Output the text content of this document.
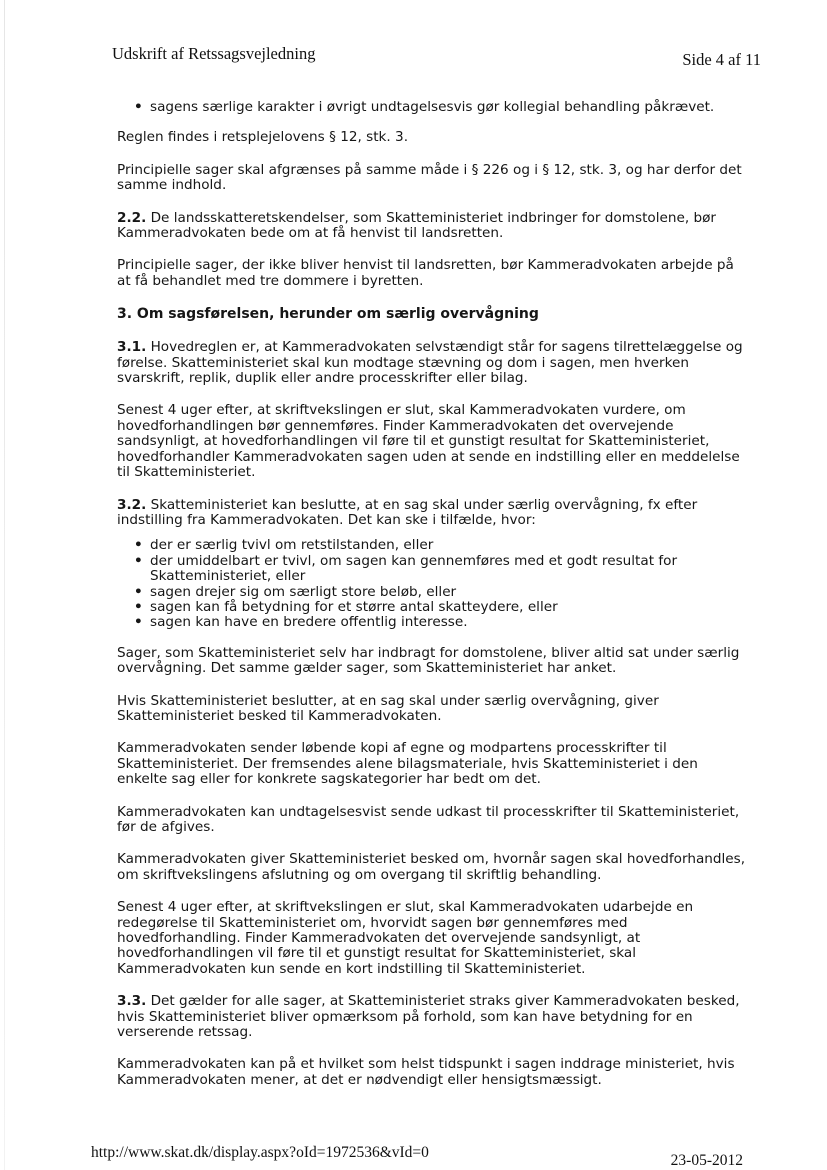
Udskrift af Retssagsvejledning	Side 4 af 11
• sagens særlige karakter i øvrigt undtagelsesvis gør kollegial behandling påkrævet.

Reglen findes i retsplejelovens § 12, stk. 3.

Principielle sager skal afgrænses på samme måde i § 226 og i § 12, stk. 3, og har derfor det samme indhold.

2.2. De landsskatteretskendelser, som Skatteministeriet indbringer for domstolene, bør Kammeradvokaten bede om at få henvist til landsretten.

Principielle sager, der ikke bliver henvist til landsretten, bør Kammeradvokaten arbejde på at få behandlet med tre dommere i byretten.

3. Om sagsførelsen, herunder om særlig overvågning

3.1. Hovedreglen er, at Kammeradvokaten selvstændigt står for sagens tilrettelæggelse og førelse. Skatteministeriet skal kun modtage stævning og dom i sagen, men hverken svarskrift, replik, duplik eller andre processkrifter eller bilag.

Senest 4 uger efter, at skriftvekslingen er slut, skal Kammeradvokaten vurdere, om hovedforhandlingen bør gennemføres. Finder Kammeradvokaten det overvejende sandsynligt, at hovedforhandlingen vil føre til et gunstigt resultat for Skatteministeriet, hovedforhandler Kammeradvokaten sagen uden at sende en indstilling eller en meddelelse til Skatteministeriet.

3.2. Skatteministeriet kan beslutte, at en sag skal under særlig overvågning, fx efter indstilling fra Kammeradvokaten. Det kan ske i tilfælde, hvor:

• der er særlig tvivl om retstilstanden, eller
• der umiddelbart er tvivl, om sagen kan gennemføres med et godt resultat for Skatteministeriet, eller
• sagen drejer sig om særligt store beløb, eller
• sagen kan få betydning for et større antal skatteydere, eller
• sagen kan have en bredere offentlig interesse.

Sager, som Skatteministeriet selv har indbragt for domstolene, bliver altid sat under særlig overvågning. Det samme gælder sager, som Skatteministeriet har anket.

Hvis Skatteministeriet beslutter, at en sag skal under særlig overvågning, giver Skatteministeriet besked til Kammeradvokaten.

Kammeradvokaten sender løbende kopi af egne og modpartens processkrifter til Skatteministeriet. Der fremsendes alene bilagsmateriale, hvis Skatteministeriet i den enkelte sag eller for konkrete sagskategorier har bedt om det.

Kammeradvokaten kan undtagelsesvist sende udkast til processkrifter til Skatteministeriet, før de afgives.

Kammeradvokaten giver Skatteministeriet besked om, hvornår sagen skal hovedforhandles, om skriftvekslingens afslutning og om overgang til skriftlig behandling.

Senest 4 uger efter, at skriftvekslingen er slut, skal Kammeradvokaten udarbejde en redegørelse til Skatteministeriet om, hvorvidt sagen bør gennemføres med hovedforhandling. Finder Kammeradvokaten det overvejende sandsynligt, at hovedforhandlingen vil føre til et gunstigt resultat for Skatteministeriet, skal Kammeradvokaten kun sende en kort indstilling til Skatteministeriet.

3.3. Det gælder for alle sager, at Skatteministeriet straks giver Kammeradvokaten besked, hvis Skatteministeriet bliver opmærksom på forhold, som kan have betydning for en verserende retssag.

Kammeradvokaten kan på et hvilket som helst tidspunkt i sagen inddrage ministeriet, hvis Kammeradvokaten mener, at det er nødvendigt eller hensigtsmæssigt.

http://www.skat.dk/display.aspx?oId=1972536&vId=0	23-05-2012
